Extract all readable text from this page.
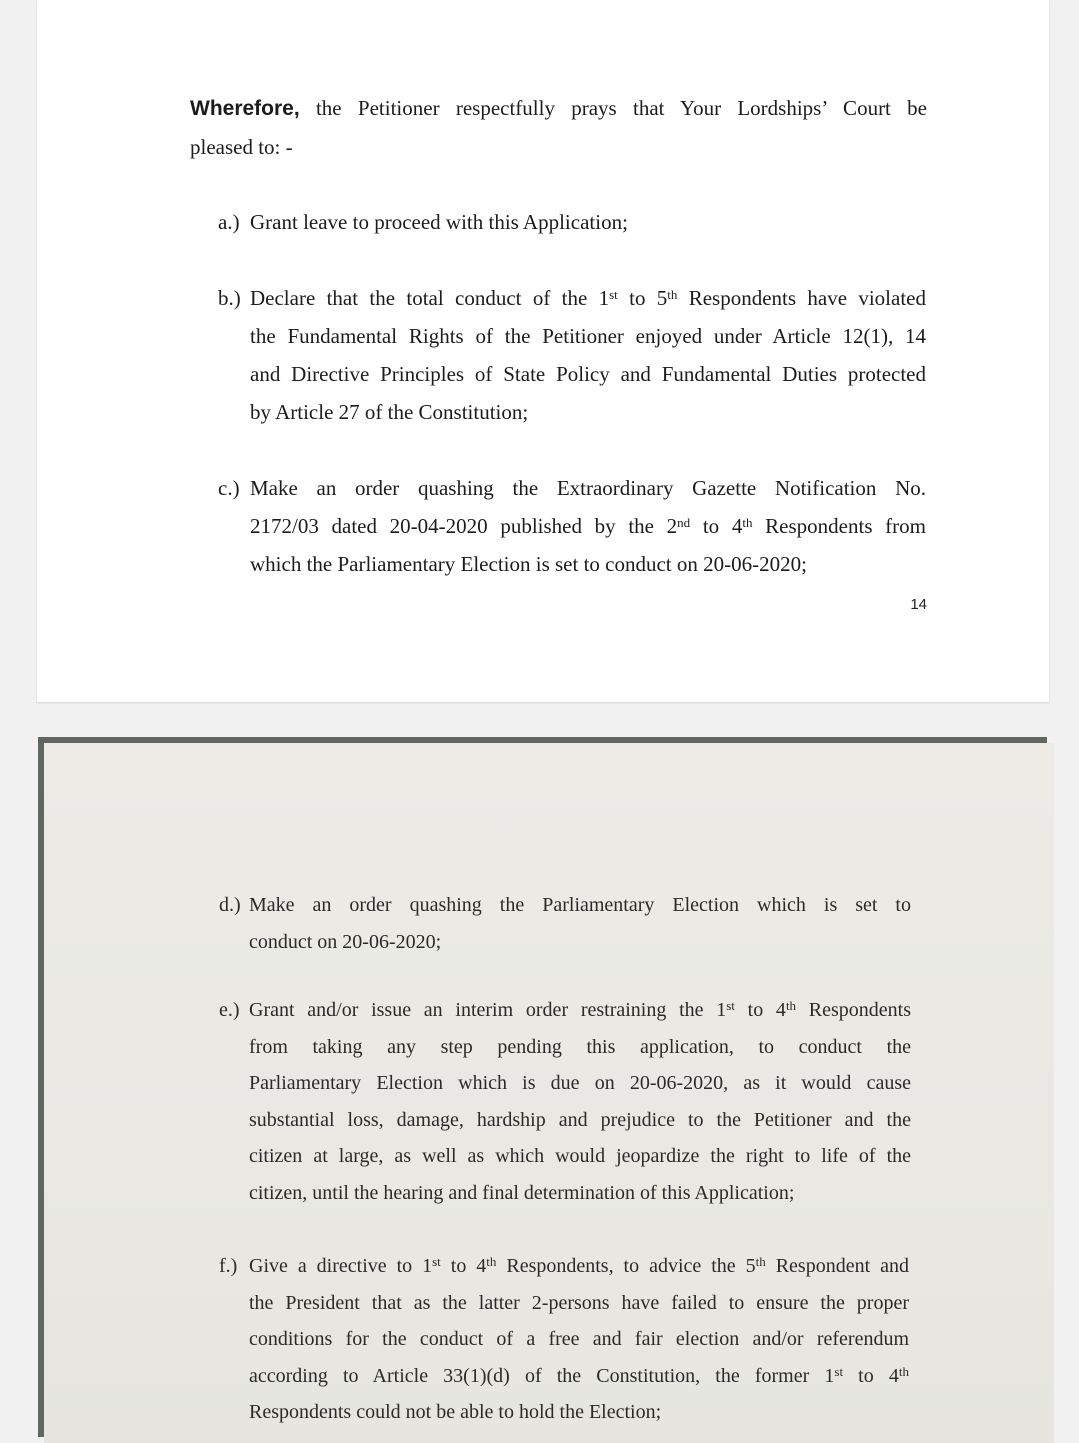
Wherefore, the Petitioner respectfully prays that Your Lordships’ Court be
pleased to: -

a.) Grant leave to proceed with this Application;

b.) Declare that the total conduct of the 1st to 5th Respondents have violated
the Fundamental Rights of the Petitioner enjoyed under Article 12(1), 14
and Directive Principles of State Policy and Fundamental Duties protected
by Article 27 of the Constitution;

c.) Make an order quashing the Extraordinary Gazette Notification No.
2172/03 dated 20-04-2020 published by the 2nd to 4th Respondents from
which the Parliamentary Election is set to conduct on 20-06-2020;

14

d.) Make an order quashing the Parliamentary Election which is set to
conduct on 20-06-2020;

e.) Grant and/or issue an interim order restraining the 1st to 4th Respondents
from taking any step pending this application, to conduct the
Parliamentary Election which is due on 20-06-2020, as it would cause
substantial loss, damage, hardship and prejudice to the Petitioner and the
citizen at large, as well as which would jeopardize the right to life of the
citizen, until the hearing and final determination of this Application;

f.) Give a directive to 1st to 4th Respondents, to advice the 5th Respondent and
the President that as the latter 2-persons have failed to ensure the proper
conditions for the conduct of a free and fair election and/or referendum
according to Article 33(1)(d) of the Constitution, the former 1st to 4th
Respondents could not be able to hold the Election;
